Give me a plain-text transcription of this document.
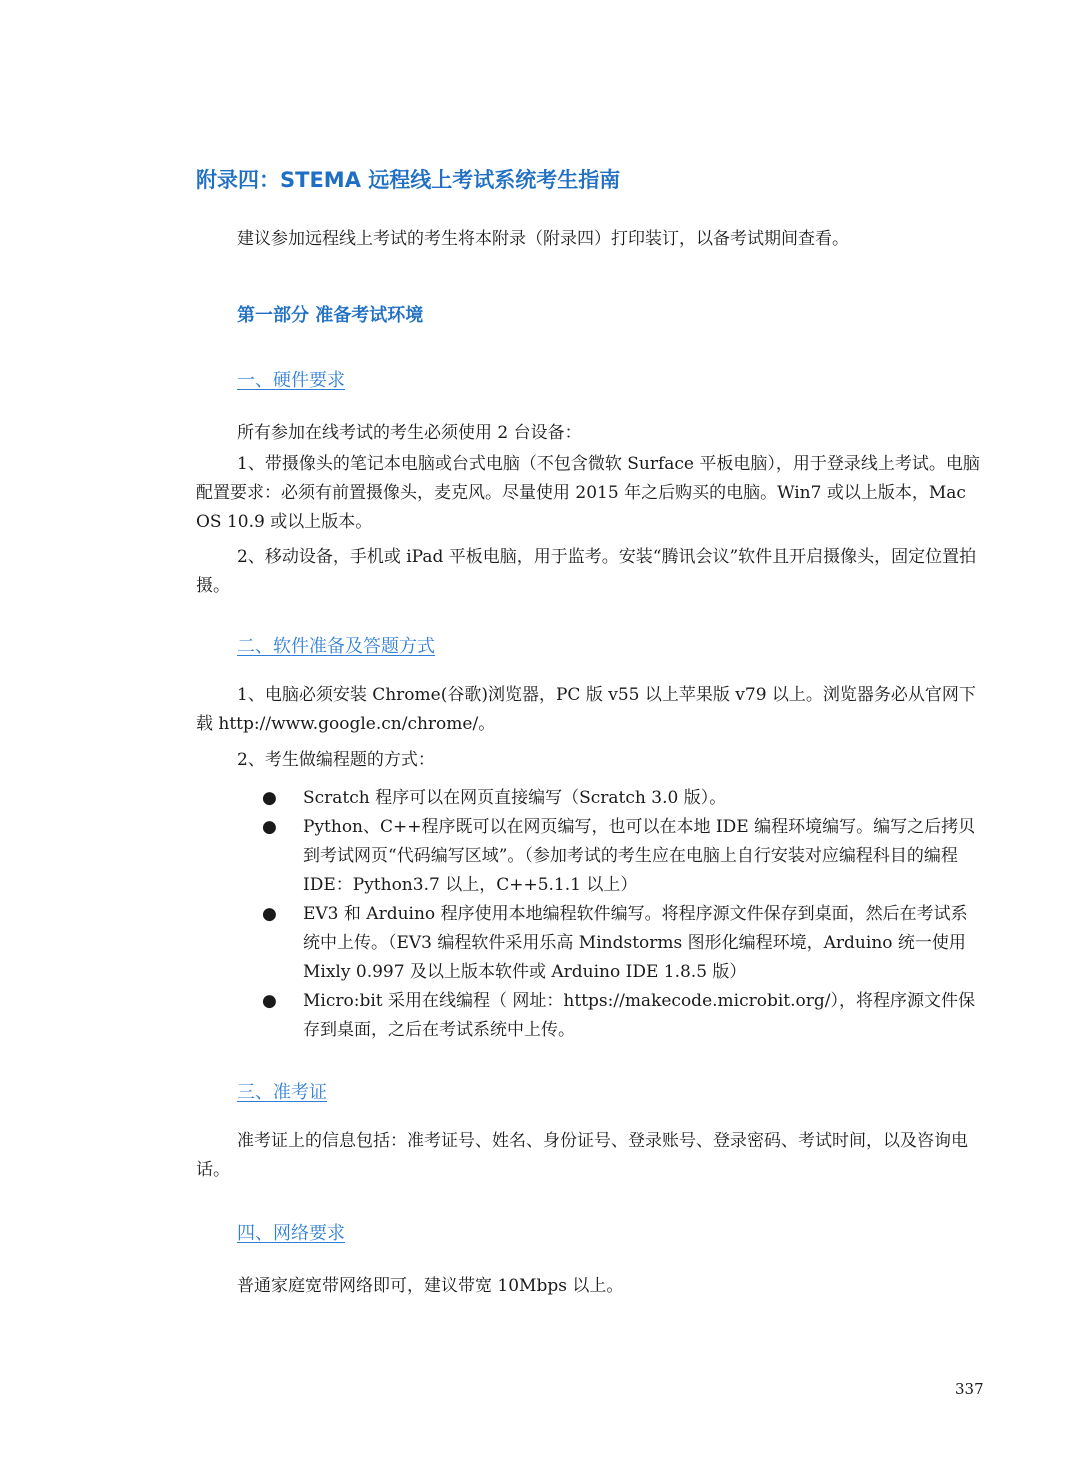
附录四：STEMA 远程线上考试系统考生指南
建议参加远程线上考试的考生将本附录（附录四）打印装订，以备考试期间查看。
第一部分 准备考试环境
一、硬件要求
所有参加在线考试的考生必须使用 2 台设备：

1、带摄像头的笔记本电脑或台式电脑（不包含微软 Surface 平板电脑），用于登录线上考试。电脑配置要求：必须有前置摄像头，麦克风。尽量使用 2015 年之后购买的电脑。Win7 或以上版本，Mac OS 10.9 或以上版本。

2、移动设备，手机或 iPad 平板电脑，用于监考。安装“腾讯会议”软件且开启摄像头，固定位置拍摄。

二、软件准备及答题方式

1、电脑必须安装 Chrome(谷歌)浏览器，PC 版 v55 以上苹果版 v79 以上。浏览器务必从官网下载 http://www.google.cn/chrome/。

2、考生做编程题的方式：
● Scratch 程序可以在网页直接编写（Scratch 3.0 版）。
● Python、C++程序既可以在网页编写，也可以在本地 IDE 编程环境编写。编写之后拷贝到考试网页“代码编写区域”。（参加考试的考生应在电脑上自行安装对应编程科目的编程 IDE：Python3.7 以上，C++5.1.1 以上）
● EV3 和 Arduino 程序使用本地编程软件编写。将程序源文件保存到桌面，然后在考试系统中上传。（EV3 编程软件采用乐高 Mindstorms 图形化编程环境，Arduino 统一使用 Mixly 0.997 及以上版本软件或 Arduino IDE 1.8.5 版）
● Micro:bit 采用在线编程（ 网址：https://makecode.microbit.org/），将程序源文件保存到桌面，之后在考试系统中上传。
三、准考证

准考证上的信息包括：准考证号、姓名、身份证号、登录账号、登录密码、考试时间，以及咨询电话。

四、网络要求
普通家庭宽带网络即可，建议带宽 10Mbps 以上。
337
